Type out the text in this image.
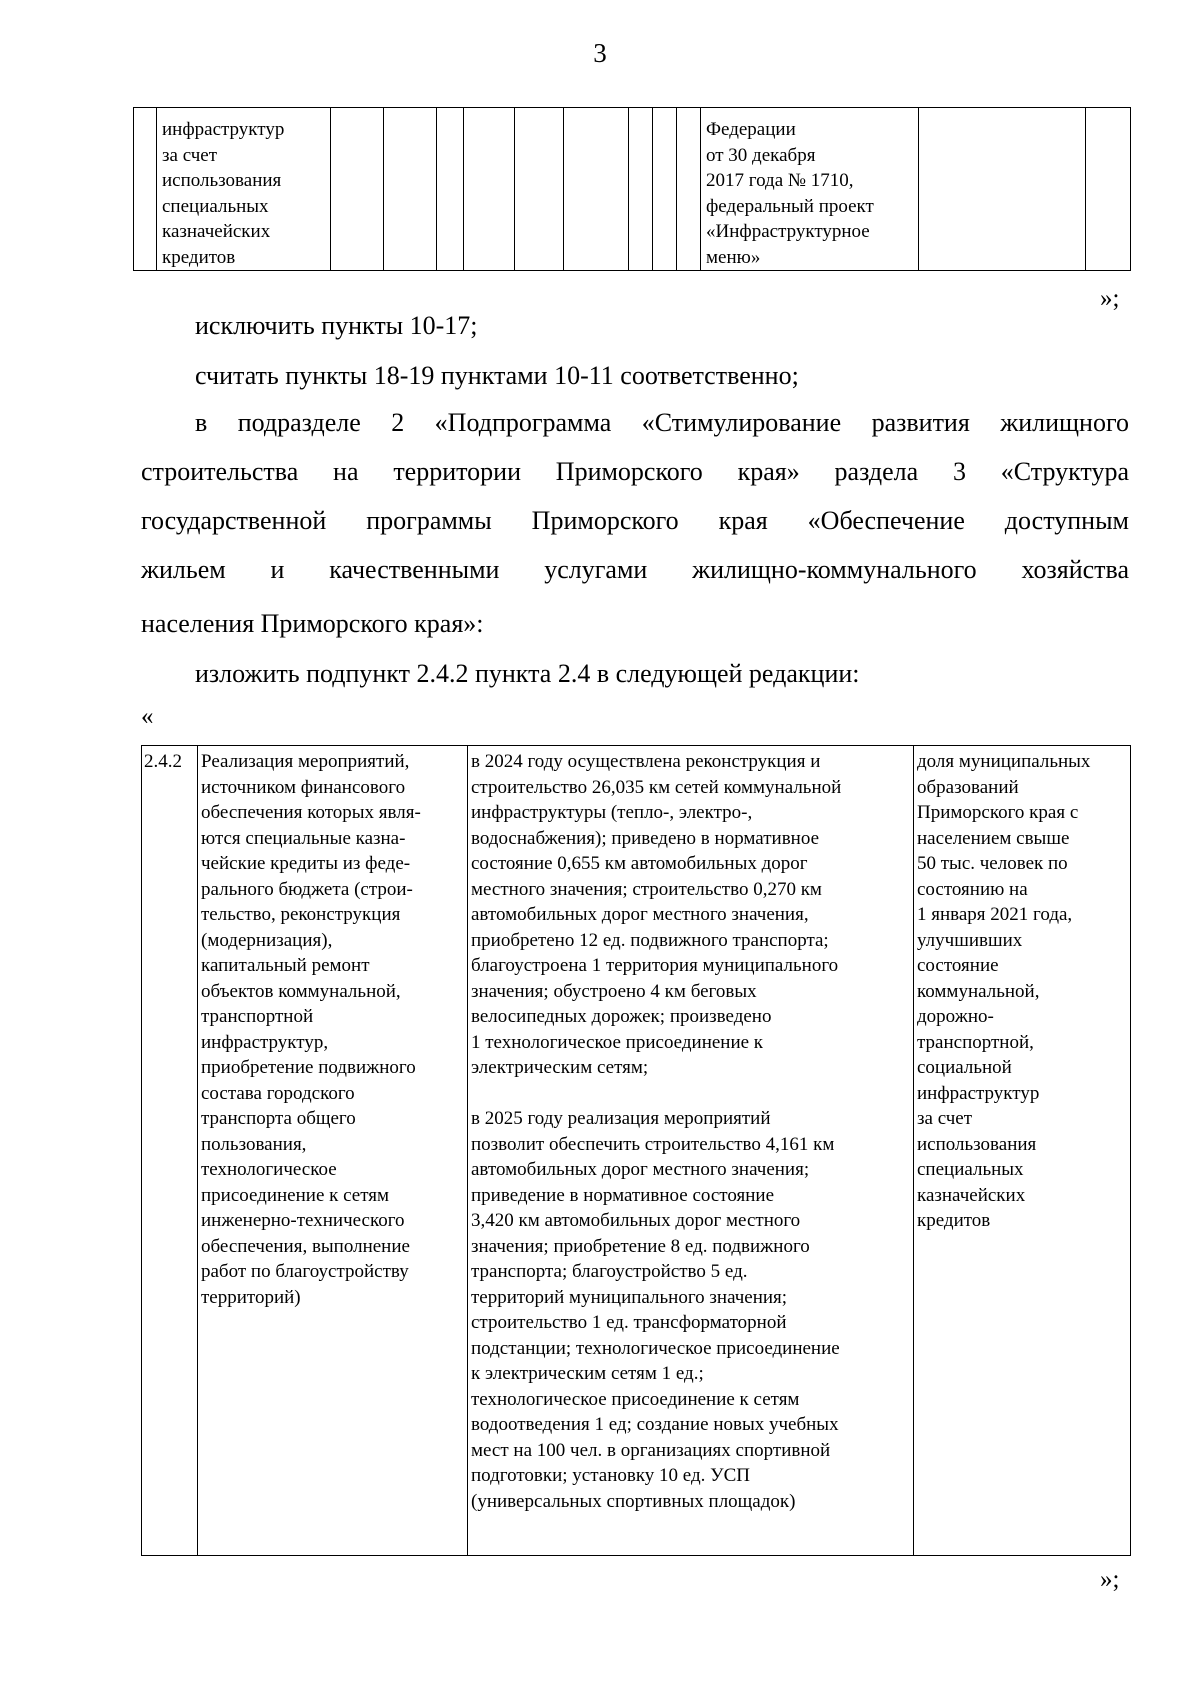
3
	инфраструктур
за счет
использования
специальных
казначейских
кредитов										Федерации
от 30 декабря
2017 года № 1710,
федеральный проект
«Инфраструктурное
меню»		
»;
исключить пункты 10-17;
считать пункты 18-19 пунктами 10-11 соответственно;
в подразделе 2 «Подпрограмма «Стимулирование развития жилищного
строительства на территории Приморского края» раздела 3 «Структура
государственной программы Приморского края «Обеспечение доступным
жильем и качественными услугами жилищно-коммунального хозяйства
населения Приморского края»:
изложить подпункт 2.4.2 пункта 2.4 в следующей редакции:
«
2.4.2	Реализация мероприятий,
источником финансового
обеспечения которых явля-
ются специальные казна-
чейские кредиты из феде-
рального бюджета (строи-
тельство, реконструкция
(модернизация),
капитальный ремонт
объектов коммунальной,
транспортной
инфраструктур,
приобретение подвижного
состава городского
транспорта общего
пользования,
технологическое
присоединение к сетям
инженерно-технического
обеспечения, выполнение
работ по благоустройству
территорий)	в 2024 году осуществлена реконструкция и
строительство 26,035 км сетей коммунальной
инфраструктуры (тепло-, электро-,
водоснабжения); приведено в нормативное
состояние 0,655 км автомобильных дорог
местного значения; строительство 0,270 км
автомобильных дорог местного значения,
приобретено 12 ед. подвижного транспорта;
благоустроена 1 территория муниципального
значения; обустроено 4 км беговых
велосипедных дорожек; произведено
1 технологическое присоединение к
электрическим сетям;

в 2025 году реализация мероприятий
позволит обеспечить строительство 4,161 км
автомобильных дорог местного значения;
приведение в нормативное состояние
3,420 км автомобильных дорог местного
значения; приобретение 8 ед. подвижного
транспорта; благоустройство 5 ед.
территорий муниципального значения;
строительство 1 ед. трансформаторной
подстанции; технологическое присоединение
к электрическим сетям 1 ед.;
технологическое присоединение к сетям
водоотведения 1 ед; создание новых учебных
мест на 100 чел. в организациях спортивной
подготовки; установку 10 ед. УСП
(универсальных спортивных площадок)	доля муниципальных
образований
Приморского края с
населением свыше
50 тыс. человек по
состоянию на
1 января 2021 года,
улучшивших
состояние
коммунальной,
дорожно-
транспортной,
социальной
инфраструктур
за счет
использования
специальных
казначейских
кредитов
»;
